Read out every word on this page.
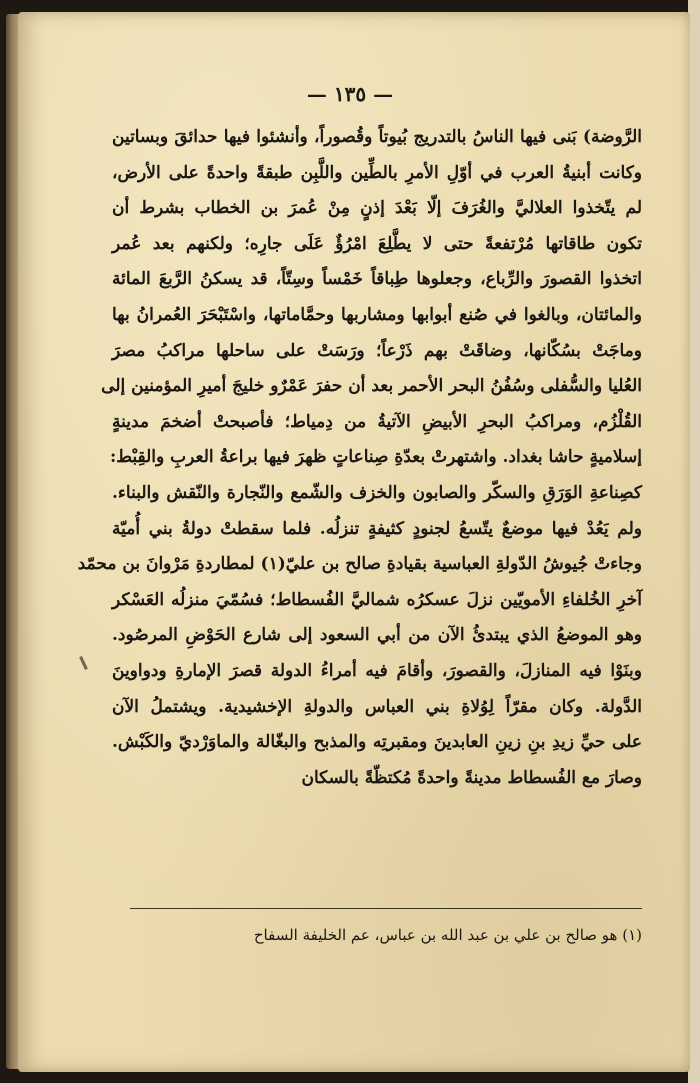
— ١٣٥ —
الرَّوضة) بَنى فيها الناسُ بالتدريج بُيوتاً وقُصوراً، وأنشئوا فيها حدائقَ وبساتين
وكانت أبنيةُ العرب في أوّلِ الأمرِ بالطِّين واللَّبِن طبقةً واحدةً على الأرض،
لم يتّخذوا العلاليَّ والغُرَفَ إلّا بَعْدَ إذنٍ مِنْ عُمرَ بن الخطاب بشرط أن
تكون طاقاتها مُرْتفعةً حتى لا يطَّلِعَ امْرُؤٌ عَلَى جارِه؛ ولكنهم بعد عُمر
اتخذوا القصورَ والرِّباع، وجعلوها طِباقاً خَمْساً وسِتّاً، قد يسكنُ الرَّبعَ المائة
والمائتان، وبالغوا في صُنع أبوابها ومشاربها وحمَّاماتها، واسْتَبْحَرَ العُمرانُ بها
وماجَتْ بسُكّانها، وضاقَتْ بهم ذَرْعاً؛ ورَسَتْ على ساحلها مراكبُ مصرَ
العُليا والسُّفلى وسُفُنُ البحر الأحمر بعد أن حفرَ عَمْرٌو خليجَ أميرِ المؤمنين إلى
القُلْزُم، ومراكبُ البحرِ الأبيضِ الآتيةُ من دِمياط؛ فأصبحتْ أضخمَ مدينةٍ
إسلاميةٍ حاشا بغداد. واشتهرتْ بعدّةِ صِناعاتٍ ظهرَ فيها براعةُ العربِ والقِبْط:
كصِناعةِ الوَرَقِ والسكّر والصابون والخزف والشّمع والنّجارة والنّقش والبناء.
ولم يَعُدْ فيها موضعٌ يتّسعُ لجنودٍ كثيفةٍ تنزلُه. فلما سقطتْ دولةُ بني أُميّة
وجاءتْ جُيوشُ الدّولةِ العباسية بقيادةِ صالح بن عليّ(١) لمطاردةِ مَرْوانَ بن محمّد
آخرِ الخُلفاءِ الأمويّين نزلَ عسكرُه شماليَّ الفُسطاط؛ فسُمّيَ منزلُه العَسْكر
وهو الموضعُ الذي يبتدئُ الآن من أبي السعود إلى شارع الحَوْضِ المرصُود.
وبنَوْا فيه المنازلَ، والقصورَ، وأقامَ فيه أمراءُ الدولة قصرَ الإمارةِ ودواوينَ
الدَّولة. وكان مقرّاً لِوُلاةِ بني العباس والدولةِ الإخشيدية. ويشتملُ الآن
على حيِّ زيدِ بنِ زينِ العابدينَ ومقبرتِه والمذبح والبغّالة والماوَرْديّ والكَبْش.
وصارَ مع الفُسطاط مدينةً واحدةً مُكتظّةً بالسكان
(١) هو صالح بن علي بن عبد الله بن عباس، عم الخليفة السفاح
